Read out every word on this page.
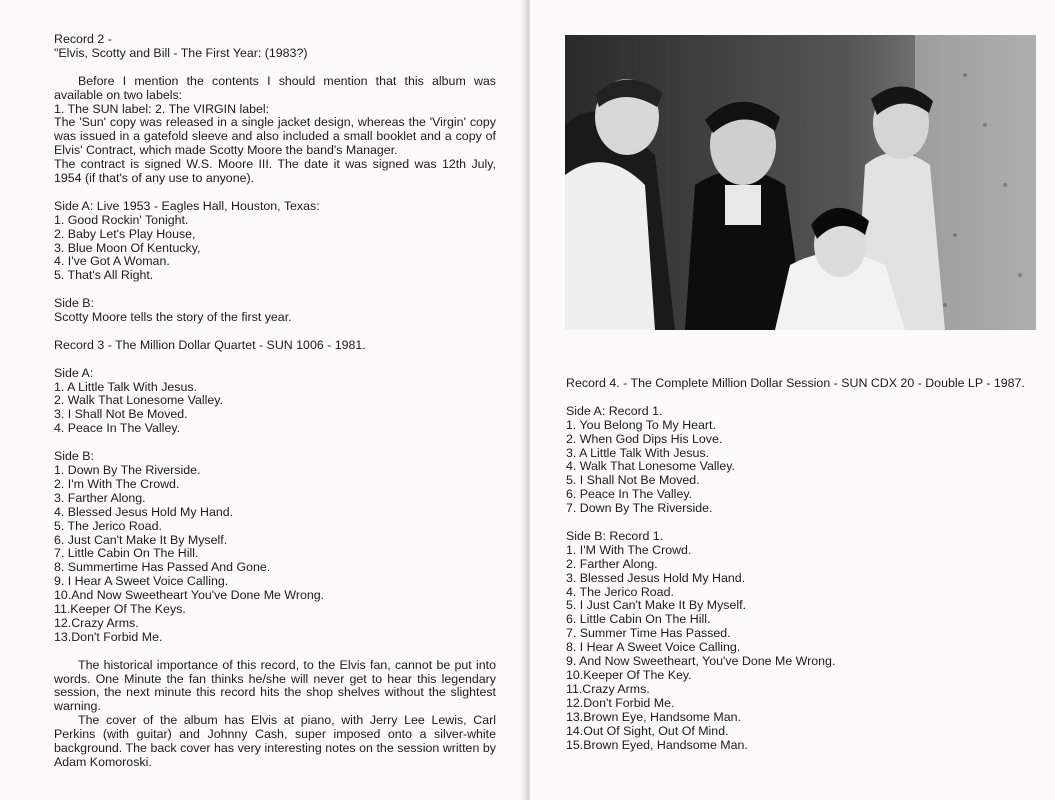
Record 2 -
"Elvis, Scotty and Bill - The First Year: (1983?)
Before I mention the contents I should mention that this album was available on two labels:
1. The SUN label: 2. The VIRGIN label:
The 'Sun' copy was released in a single jacket design, whereas the 'Virgin' copy was issued in a gatefold sleeve and also included a small booklet and a copy of Elvis' Contract, which made Scotty Moore the band's Manager.
The contract is signed W.S. Moore III. The date it was signed was 12th July, 1954 (if that's of any use to anyone).
Side A: Live 1953 - Eagles Hall, Houston, Texas:
1. Good Rockin' Tonight.
2. Baby Let's Play House,
3. Blue Moon Of Kentucky,
4. I've Got A Woman.
5. That's All Right.
Side B:
Scotty Moore tells the story of the first year.
Record 3 - The Million Dollar Quartet - SUN 1006 - 1981.
Side A:
1. A Little Talk With Jesus.
2. Walk That Lonesome Valley.
3. I Shall Not Be Moved.
4. Peace In The Valley.
Side B:
1. Down By The Riverside.
2. I'm With The Crowd.
3. Farther Along.
4. Blessed Jesus Hold My Hand.
5. The Jerico Road.
6. Just Can't Make It By Myself.
7. Little Cabin On The Hill.
8. Summertime Has Passed And Gone.
9. I Hear A Sweet Voice Calling.
10.And Now Sweetheart You've Done Me Wrong.
11.Keeper Of The Keys.
12.Crazy Arms.
13.Don't Forbid Me.
The historical importance of this record, to the Elvis fan, cannot be put into words. One Minute the fan thinks he/she will never get to hear this legendary session, the next minute this record hits the shop shelves without the slightest warning.
The cover of the album has Elvis at piano, with Jerry Lee Lewis, Carl Perkins (with guitar) and Johnny Cash, super imposed onto a silver-white background. The back cover has very interesting notes on the session written by Adam Komoroski.
Record 4. - The Complete Million Dollar Session - SUN CDX 20 - Double LP - 1987.
Side A: Record 1.
1. You Belong To My Heart.
2. When God Dips His Love.
3. A Little Talk With Jesus.
4. Walk That Lonesome Valley.
5. I Shall Not Be Moved.
6. Peace In The Valley.
7. Down By The Riverside.
Side B: Record 1.
1. I'M With The Crowd.
2. Farther Along.
3. Blessed Jesus Hold My Hand.
4. The Jerico Road.
5. I Just Can't Make It By Myself.
6. Little Cabin On The Hill.
7. Summer Time Has Passed.
8. I Hear A Sweet Voice Calling.
9. And Now Sweetheart, You've Done Me Wrong.
10.Keeper Of The Key.
11.Crazy Arms.
12.Don't Forbid Me.
13.Brown Eye, Handsome Man.
14.Out Of Sight, Out Of Mind.
15.Brown Eyed, Handsome Man.
